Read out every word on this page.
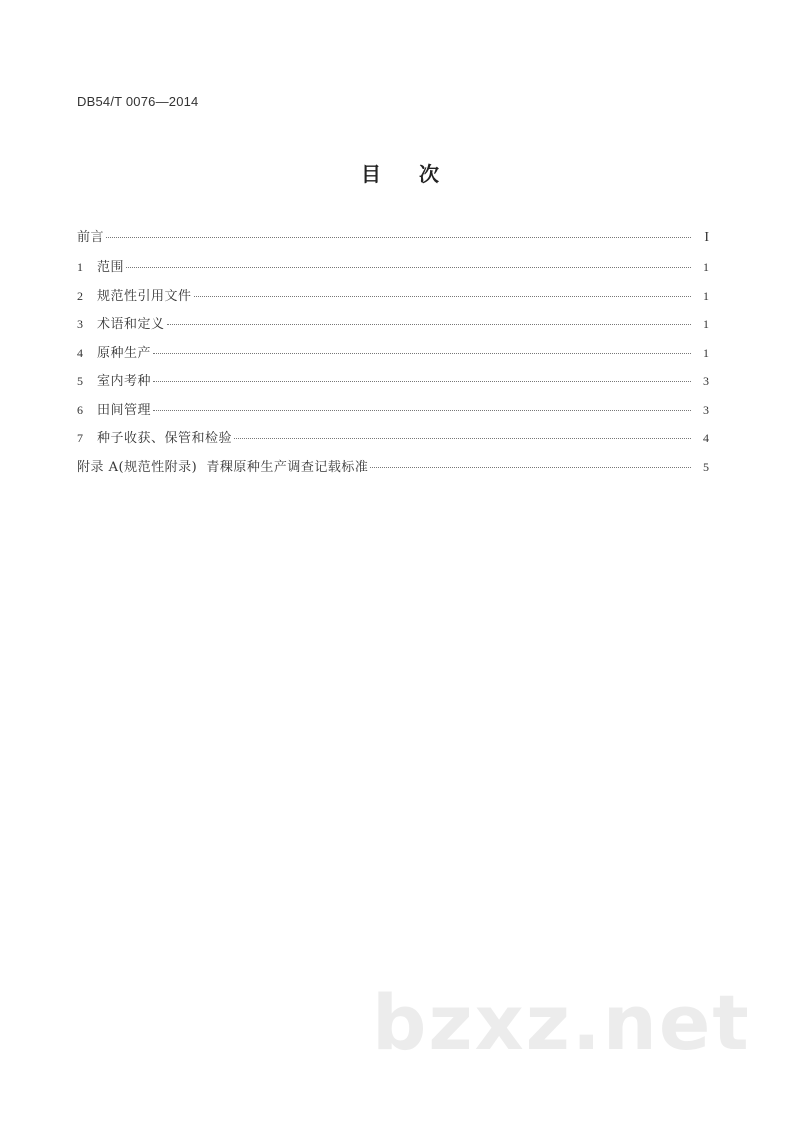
DB54/T 0076—2014
目次
前言	I
1	范围	1
2	规范性引用文件	1
3	术语和定义	1
4	原种生产	1
5	室内考种	3
6	田间管理	3
7	种子收获、保管和检验	4
附录 A(规范性附录)  青稞原种生产调查记载标准	5
bzxz.net
